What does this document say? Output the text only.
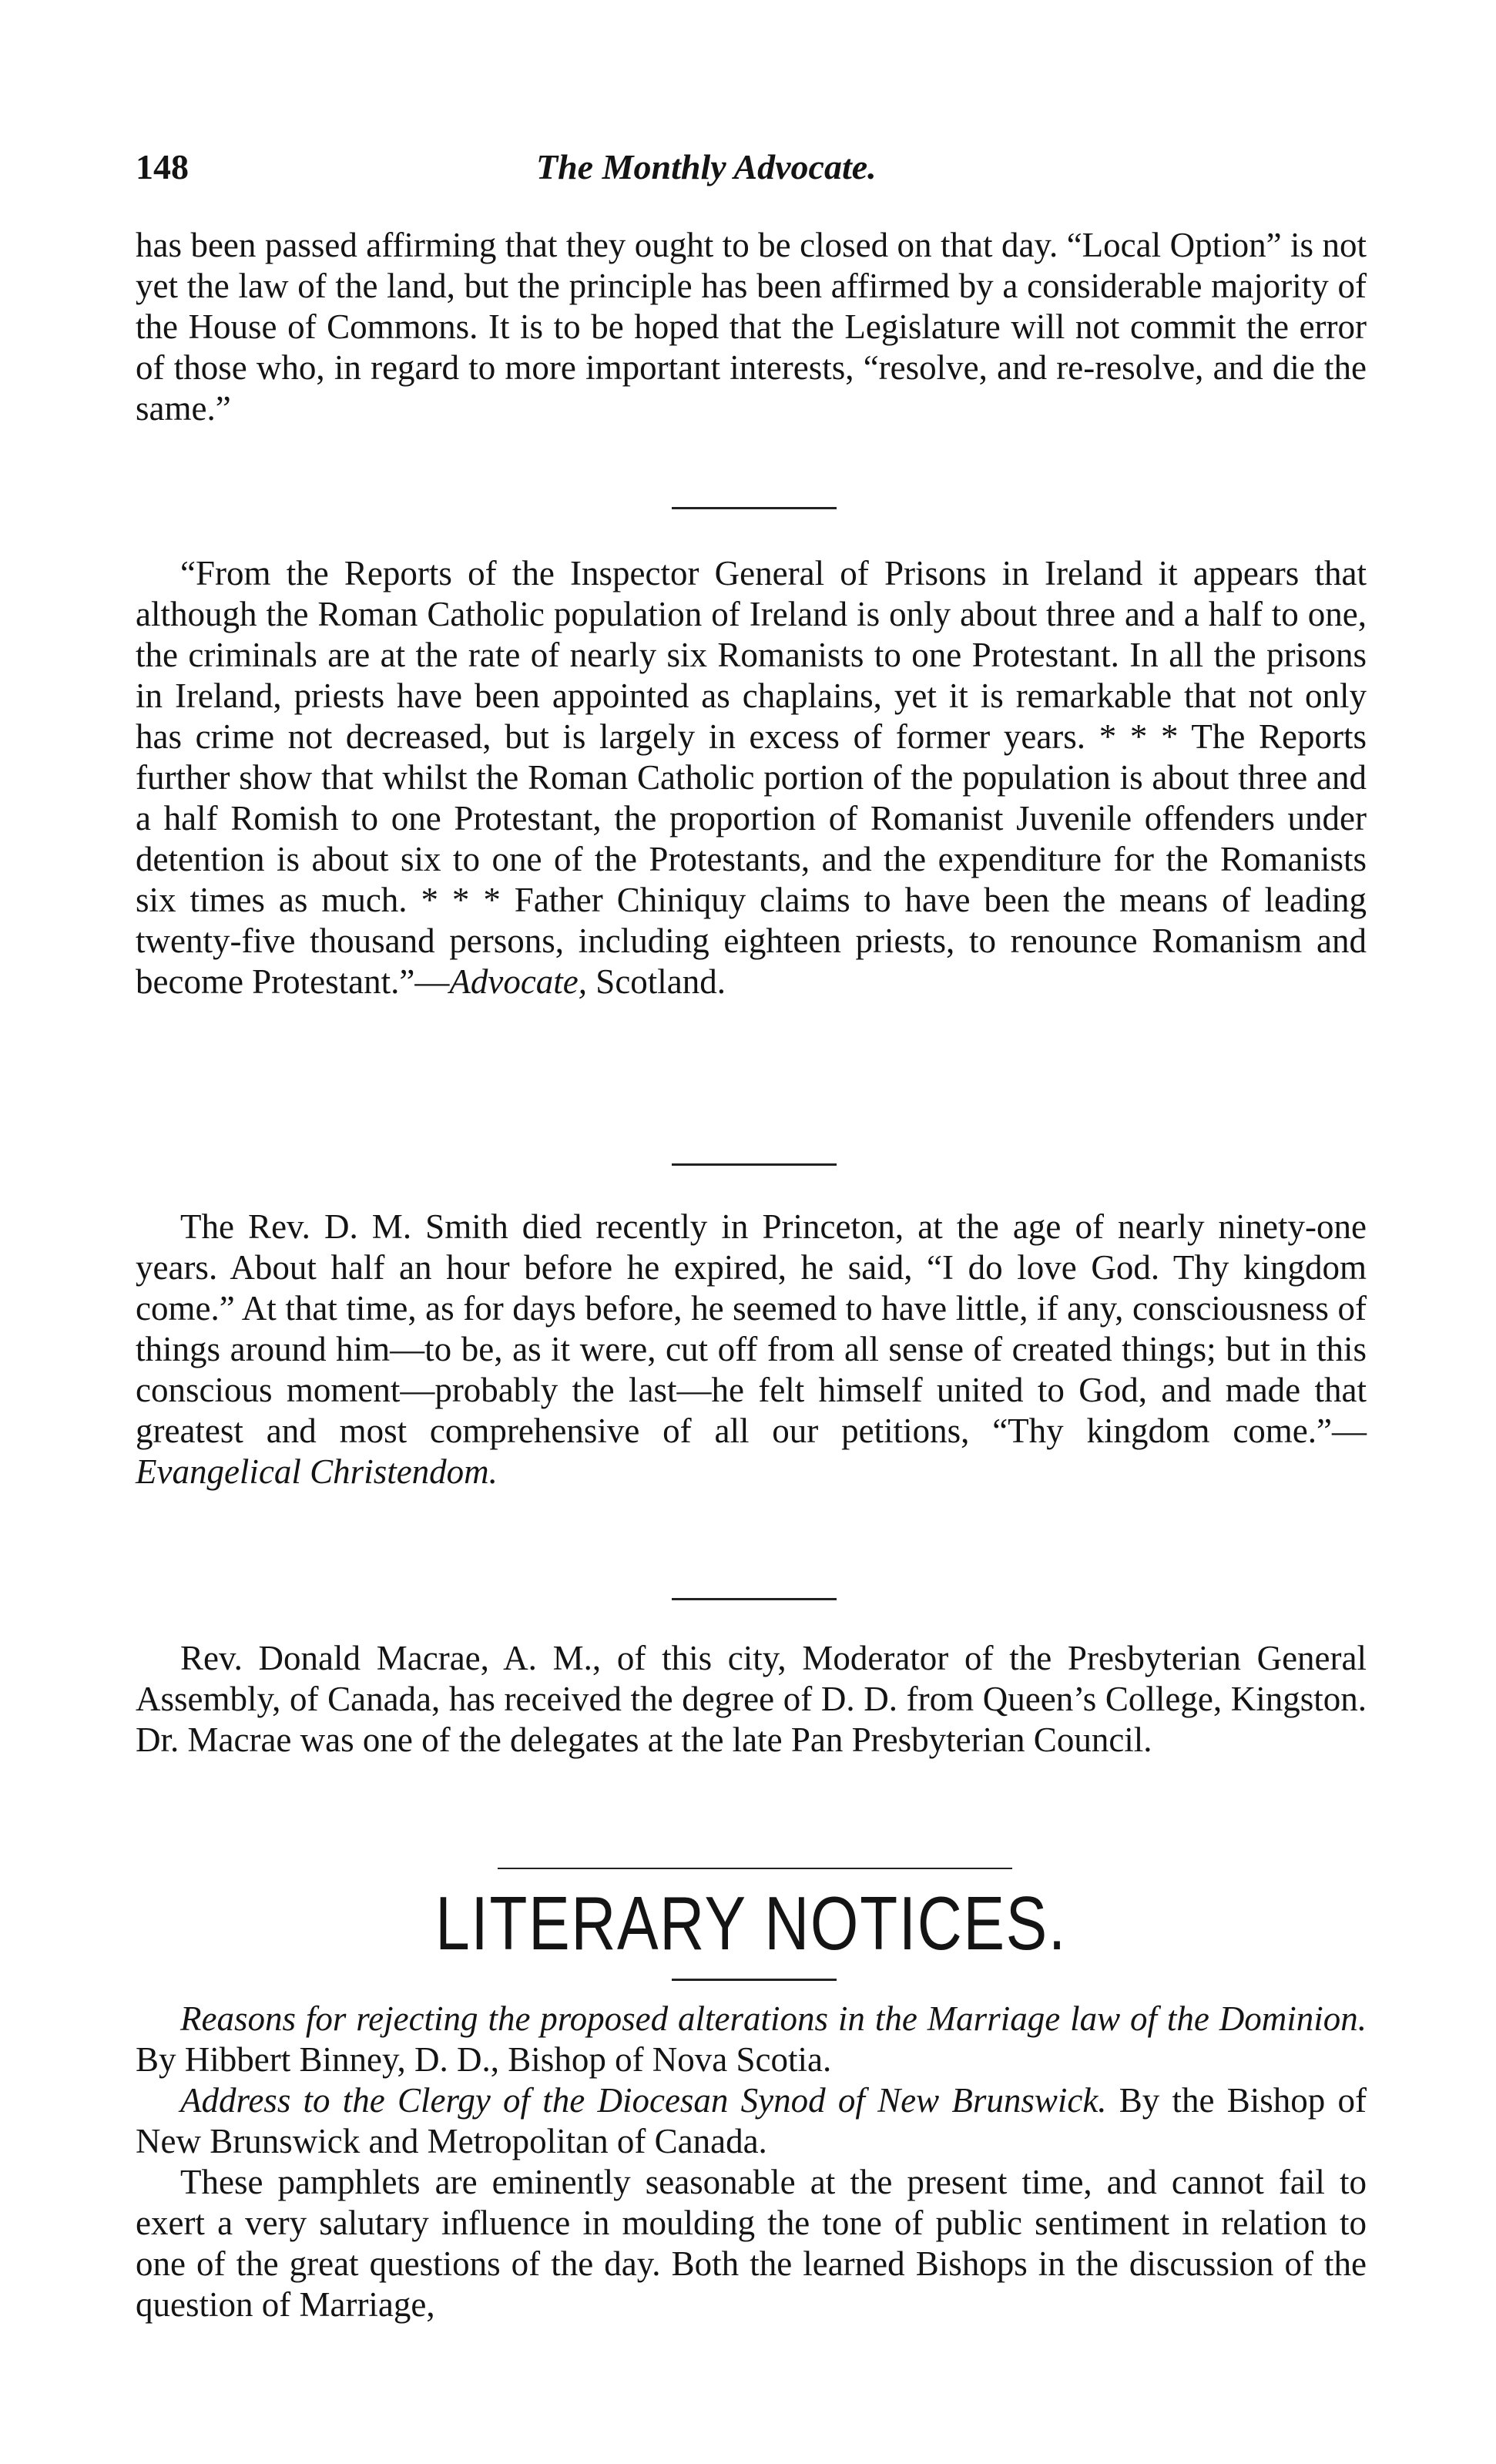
148	The Monthly Advocate.

has been passed affirming that they ought to be closed on that day. “Local Option” is not yet the law of the land, but the principle has been affirmed by a considerable majority of the House of Commons. It is to be hoped that the Legislature will not commit the error of those who, in regard to more important interests, “resolve, and re-resolve, and die the same.”

“From the Reports of the Inspector General of Prisons in Ireland it appears that although the Roman Catholic population of Ireland is only about three and a half to one, the criminals are at the rate of nearly six Romanists to one Protestant. In all the prisons in Ireland, priests have been appointed as chaplains, yet it is remarkable that not only has crime not decreased, but is largely in excess of former years. * * * The Reports further show that whilst the Roman Catholic portion of the population is about three and a half Romish to one Protestant, the proportion of Romanist Juvenile offenders under detention is about six to one of the Protestants, and the expenditure for the Romanists six times as much. * * * Father Chiniquy claims to have been the means of leading twenty-five thousand persons, including eighteen priests, to renounce Romanism and become Protestant.”—Advocate, Scotland.

The Rev. D. M. Smith died recently in Princeton, at the age of nearly ninety-one years. About half an hour before he expired, he said, “I do love God. Thy kingdom come.” At that time, as for days before, he seemed to have little, if any, consciousness of things around him—to be, as it were, cut off from all sense of created things; but in this conscious moment—probably the last—he felt himself united to God, and made that greatest and most comprehensive of all our petitions, “Thy kingdom come.”—Evangelical Christendom.

Rev. Donald Macrae, A. M., of this city, Moderator of the Presbyterian General Assembly, of Canada, has received the degree of D. D. from Queen’s College, Kingston. Dr. Macrae was one of the delegates at the late Pan Presbyterian Council.

LITERARY NOTICES.

Reasons for rejecting the proposed alterations in the Marriage law of the Dominion. By Hibbert Binney, D. D., Bishop of Nova Scotia.

Address to the Clergy of the Diocesan Synod of New Brunswick. By the Bishop of New Brunswick and Metropolitan of Canada.

These pamphlets are eminently seasonable at the present time, and cannot fail to exert a very salutary influence in moulding the tone of public sentiment in relation to one of the great questions of the day. Both the learned Bishops in the discussion of the question of Marriage,
